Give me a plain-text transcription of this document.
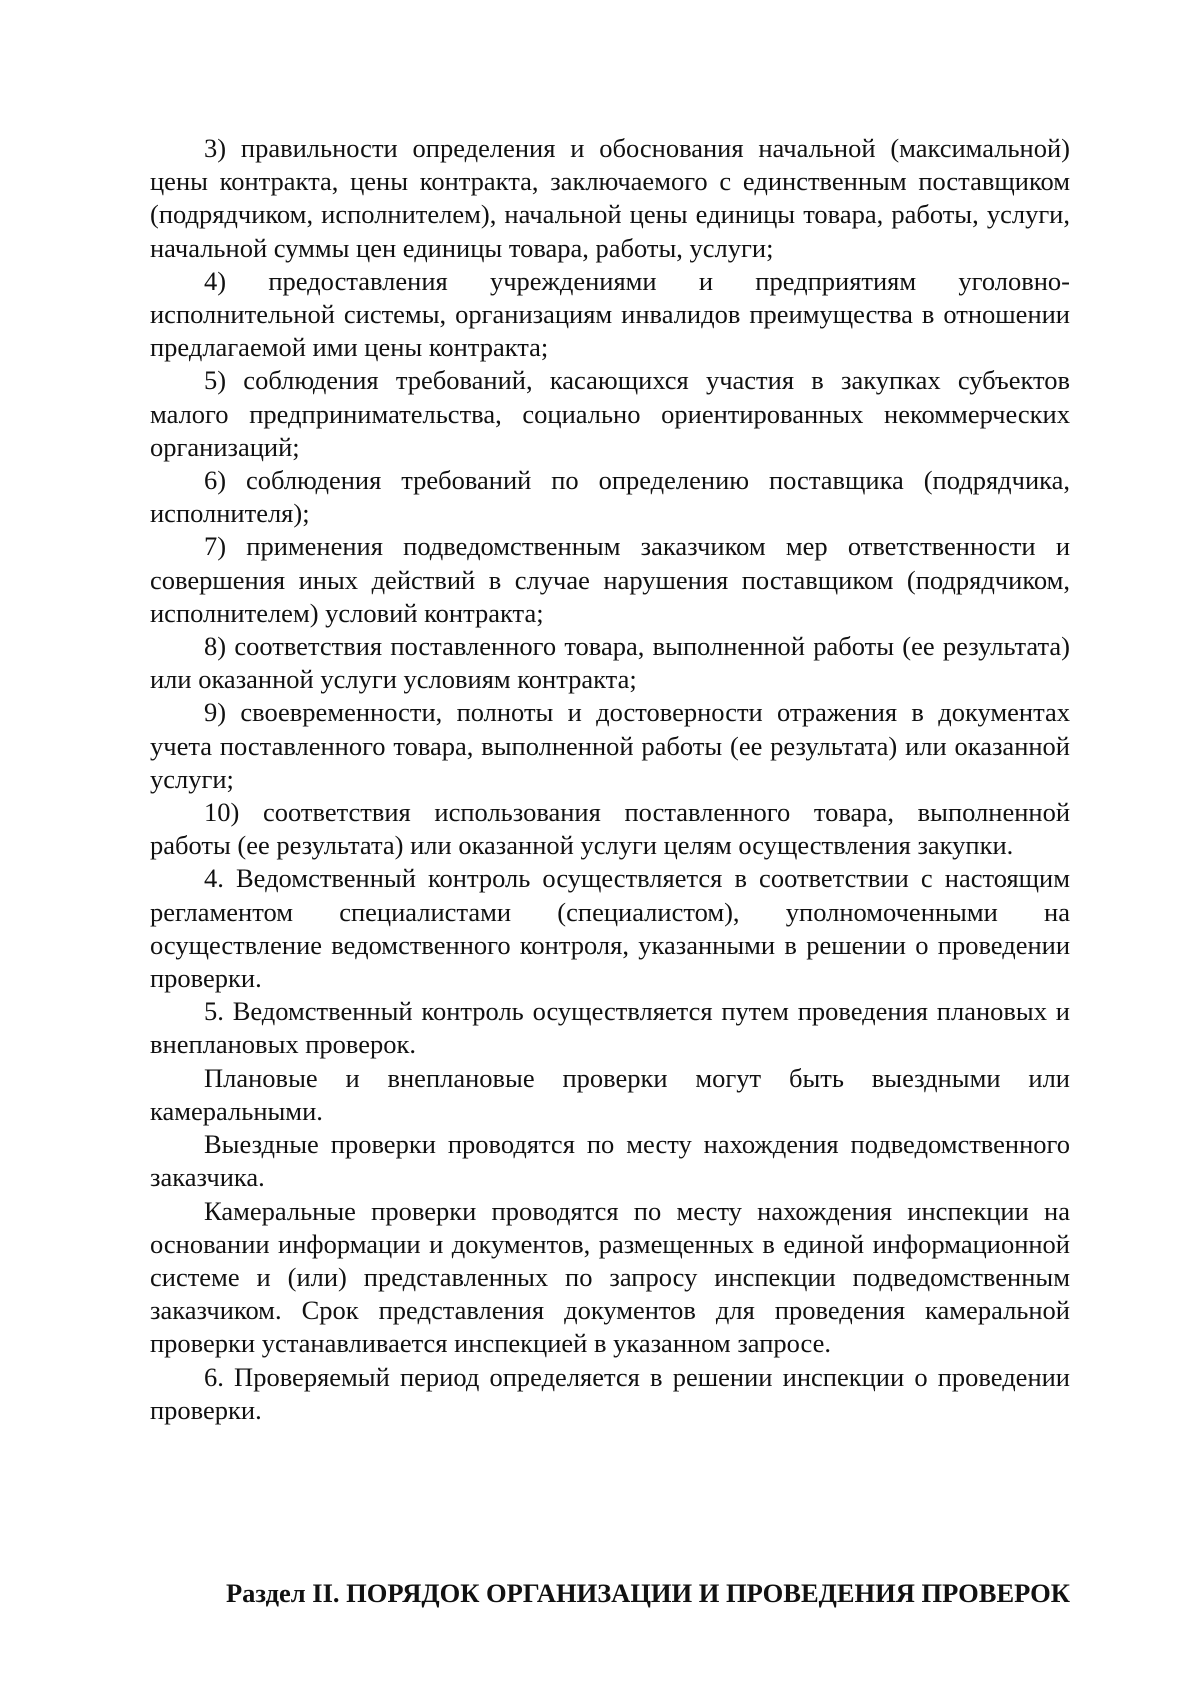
3) правильности определения и обоснования начальной (максимальной) цены контракта, цены контракта, заключаемого с единственным поставщиком (подрядчиком, исполнителем), начальной цены единицы товара, работы, услуги, начальной суммы цен единицы товара, работы, услуги;

4) предоставления учреждениями и предприятиям уголовно-исполнительной системы, организациям инвалидов преимущества в отношении предлагаемой ими цены контракта;

5) соблюдения требований, касающихся участия в закупках субъектов малого предпринимательства, социально ориентированных некоммерческих организаций;

6) соблюдения требований по определению поставщика (подрядчика, исполнителя);

7) применения подведомственным заказчиком мер ответственности и совершения иных действий в случае нарушения поставщиком (подрядчиком, исполнителем) условий контракта;

8) соответствия поставленного товара, выполненной работы (ее результата) или оказанной услуги условиям контракта;

9) своевременности, полноты и достоверности отражения в документах учета поставленного товара, выполненной работы (ее результата) или оказанной услуги;

10) соответствия использования поставленного товара, выполненной работы (ее результата) или оказанной услуги целям осуществления закупки.

4. Ведомственный контроль осуществляется в соответствии с настоящим регламентом специалистами (специалистом), уполномоченными на осуществление ведомственного контроля, указанными в решении о проведении проверки.

5. Ведомственный контроль осуществляется путем проведения плановых и внеплановых проверок.

Плановые и внеплановые проверки могут быть выездными или камеральными.

Выездные проверки проводятся по месту нахождения подведомственного заказчика.

Камеральные проверки проводятся по месту нахождения инспекции на основании информации и документов, размещенных в единой информационной системе и (или) представленных по запросу инспекции подведомственным заказчиком. Срок представления документов для проведения камеральной проверки устанавливается инспекцией в указанном запросе.

6. Проверяемый период определяется в решении инспекции о проведении проверки.

Раздел II. ПОРЯДОК ОРГАНИЗАЦИИ И ПРОВЕДЕНИЯ ПРОВЕРОК
